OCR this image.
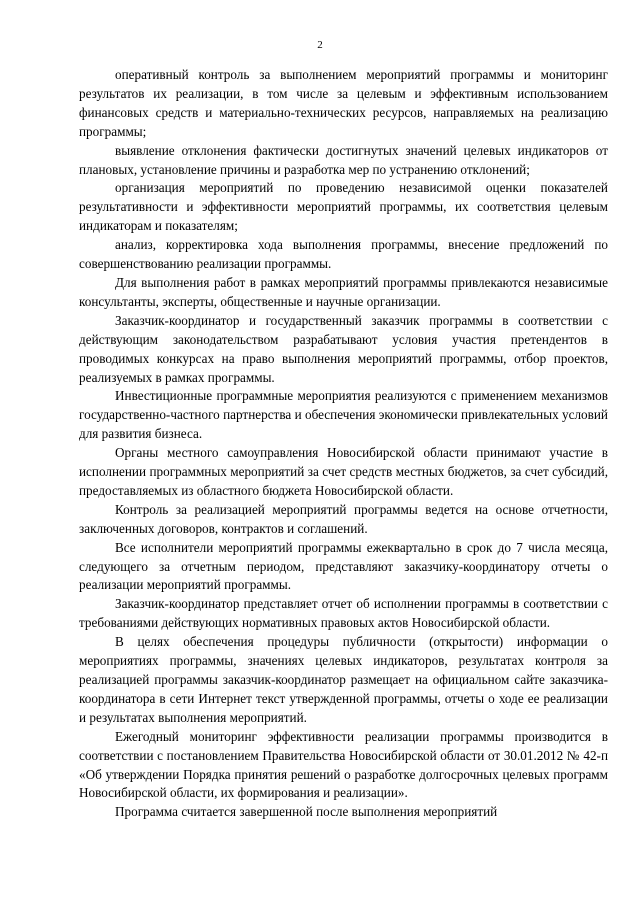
2

оперативный контроль за выполнением мероприятий программы и мониторинг результатов их реализации, в том числе за целевым и эффективным использованием финансовых средств и материально-технических ресурсов, направляемых на реализацию программы;

выявление отклонения фактически достигнутых значений целевых индикаторов от плановых, установление причины и разработка мер по устранению отклонений;

организация мероприятий по проведению независимой оценки показателей результативности и эффективности мероприятий программы, их соответствия целевым индикаторам и показателям;

анализ, корректировка хода выполнения программы, внесение предложений по совершенствованию реализации программы.

Для выполнения работ в рамках мероприятий программы привлекаются независимые консультанты, эксперты, общественные и научные организации.

Заказчик-координатор и государственный заказчик программы в соответствии с действующим законодательством разрабатывают условия участия претендентов в проводимых конкурсах на право выполнения мероприятий программы, отбор проектов, реализуемых в рамках программы.

Инвестиционные программные мероприятия реализуются с применением механизмов государственно-частного партнерства и обеспечения экономически привлекательных условий для развития бизнеса.

Органы местного самоуправления Новосибирской области принимают участие в исполнении программных мероприятий за счет средств местных бюджетов, за счет субсидий, предоставляемых из областного бюджета Новосибирской области.

Контроль за реализацией мероприятий программы ведется на основе отчетности, заключенных договоров, контрактов и соглашений.

Все исполнители мероприятий программы ежеквартально в срок до 7 числа месяца, следующего за отчетным периодом, представляют заказчику-координатору отчеты о реализации мероприятий программы.

Заказчик-координатор представляет отчет об исполнении программы в соответствии с требованиями действующих нормативных правовых актов Новосибирской области.

В целях обеспечения процедуры публичности (открытости) информации о мероприятиях программы, значениях целевых индикаторов, результатах контроля за реализацией программы заказчик-координатор размещает на официальном сайте заказчика-координатора в сети Интернет текст утвержденной программы, отчеты о ходе ее реализации и результатах выполнения мероприятий.

Ежегодный мониторинг эффективности реализации программы производится в соответствии с постановлением Правительства Новосибирской области от 30.01.2012 № 42-п «Об утверждении Порядка принятия решений о разработке долгосрочных целевых программ Новосибирской области, их формирования и реализации».

Программа считается завершенной после выполнения мероприятий
